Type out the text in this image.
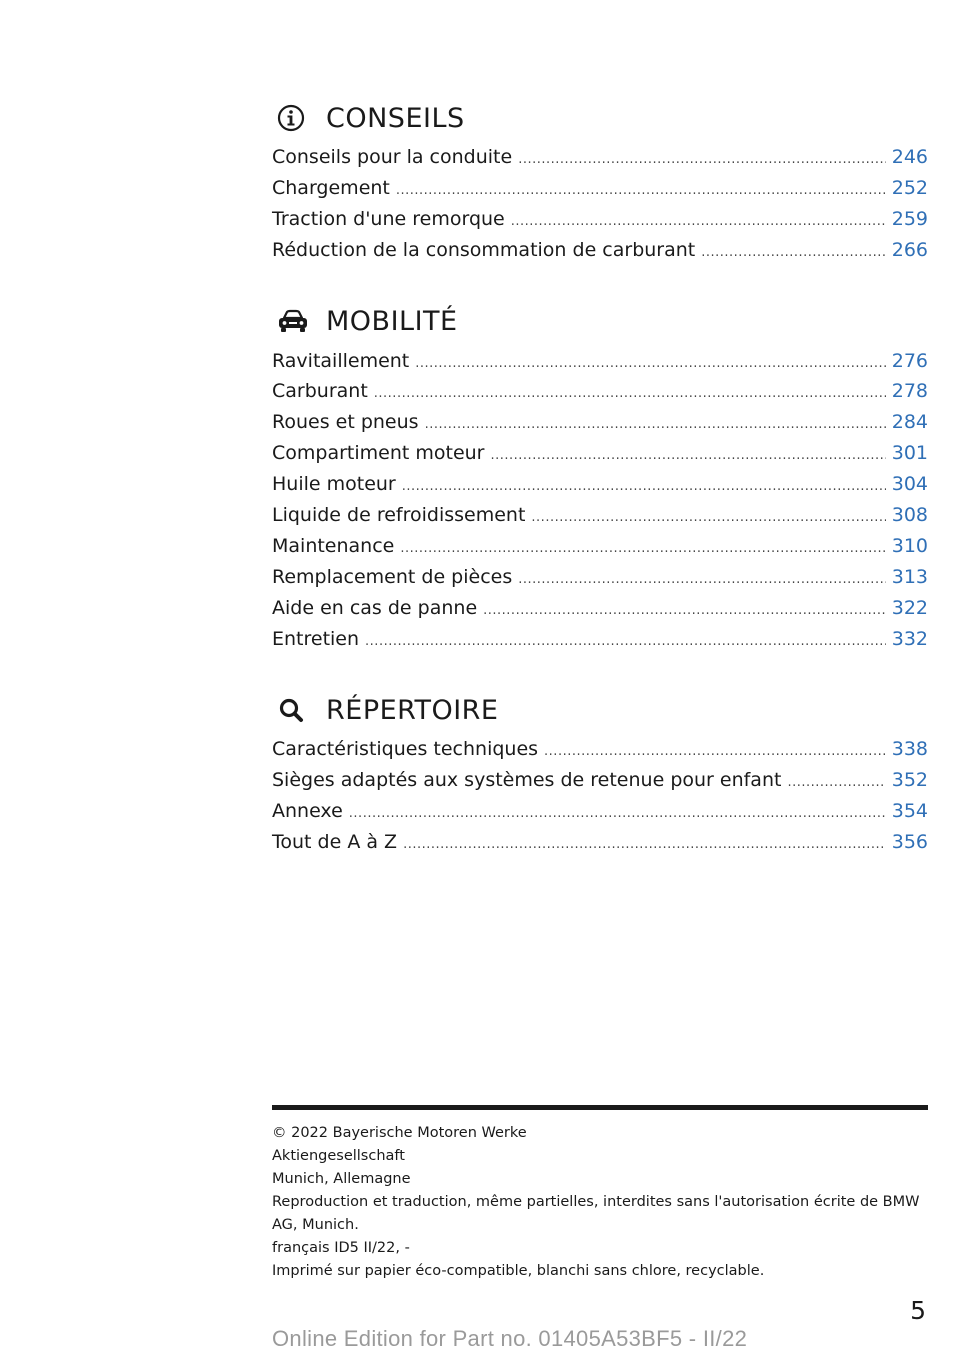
CONSEILS
Conseils pour la conduite .....	246
Chargement .....	252
Traction d'une remorque .....	259
Réduction de la consommation de carburant .....	266
MOBILITÉ
Ravitaillement .....	276
Carburant .....	278
Roues et pneus .....	284
Compartiment moteur .....	301
Huile moteur .....	304
Liquide de refroidissement .....	308
Maintenance .....	310
Remplacement de pièces .....	313
Aide en cas de panne .....	322
Entretien .....	332
RÉPERTOIRE
Caractéristiques techniques .....	338
Sièges adaptés aux systèmes de retenue pour enfant .....	352
Annexe .....	354
Tout de A à Z .....	356

© 2022 Bayerische Motoren Werke

Aktiengesellschaft

Munich, Allemagne

Reproduction et traduction, même partielles, interdites sans l'autorisation écrite de BMW AG, Munich.

français ID5 II/22, -

Imprimé sur papier éco-compatible, blanchi sans chlore, recyclable.

5
Online Edition for Part no. 01405A53BF5 - II/22
